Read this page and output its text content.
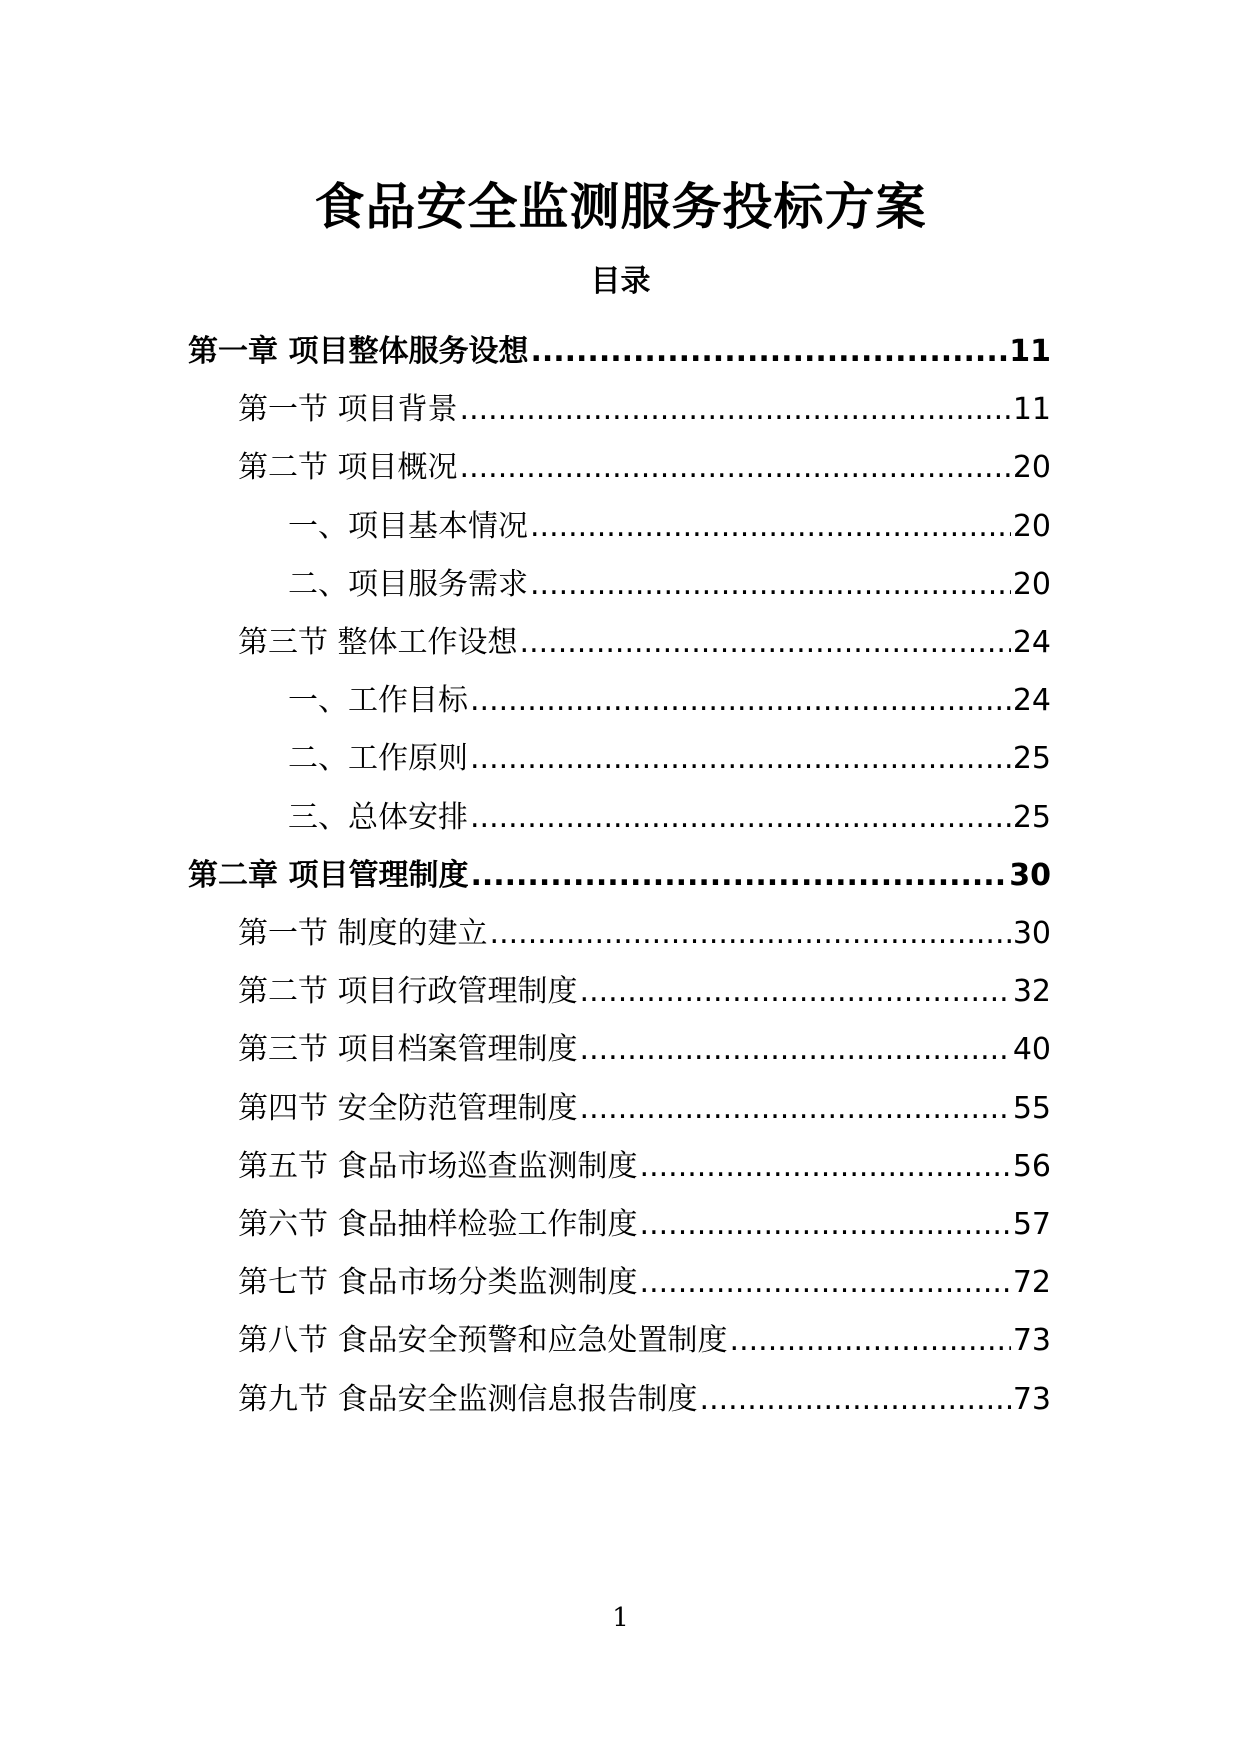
食品安全监测服务投标方案
目录
第一章 项目整体服务设想 .....	11
第一节 项目背景 .....	11
第二节 项目概况 .....	20
一、项目基本情况 .....	20
二、项目服务需求 .....	20
第三节 整体工作设想 .....	24
一、工作目标 .....	24
二、工作原则 .....	25
三、总体安排 .....	25
第二章 项目管理制度 .....	30
第一节 制度的建立 .....	30
第二节 项目行政管理制度 .....	32
第三节 项目档案管理制度 .....	40
第四节 安全防范管理制度 .....	55
第五节 食品市场巡查监测制度 .....	56
第六节 食品抽样检验工作制度 .....	57
第七节 食品市场分类监测制度 .....	72
第八节 食品安全预警和应急处置制度 .....	73
第九节 食品安全监测信息报告制度 .....	73
1
